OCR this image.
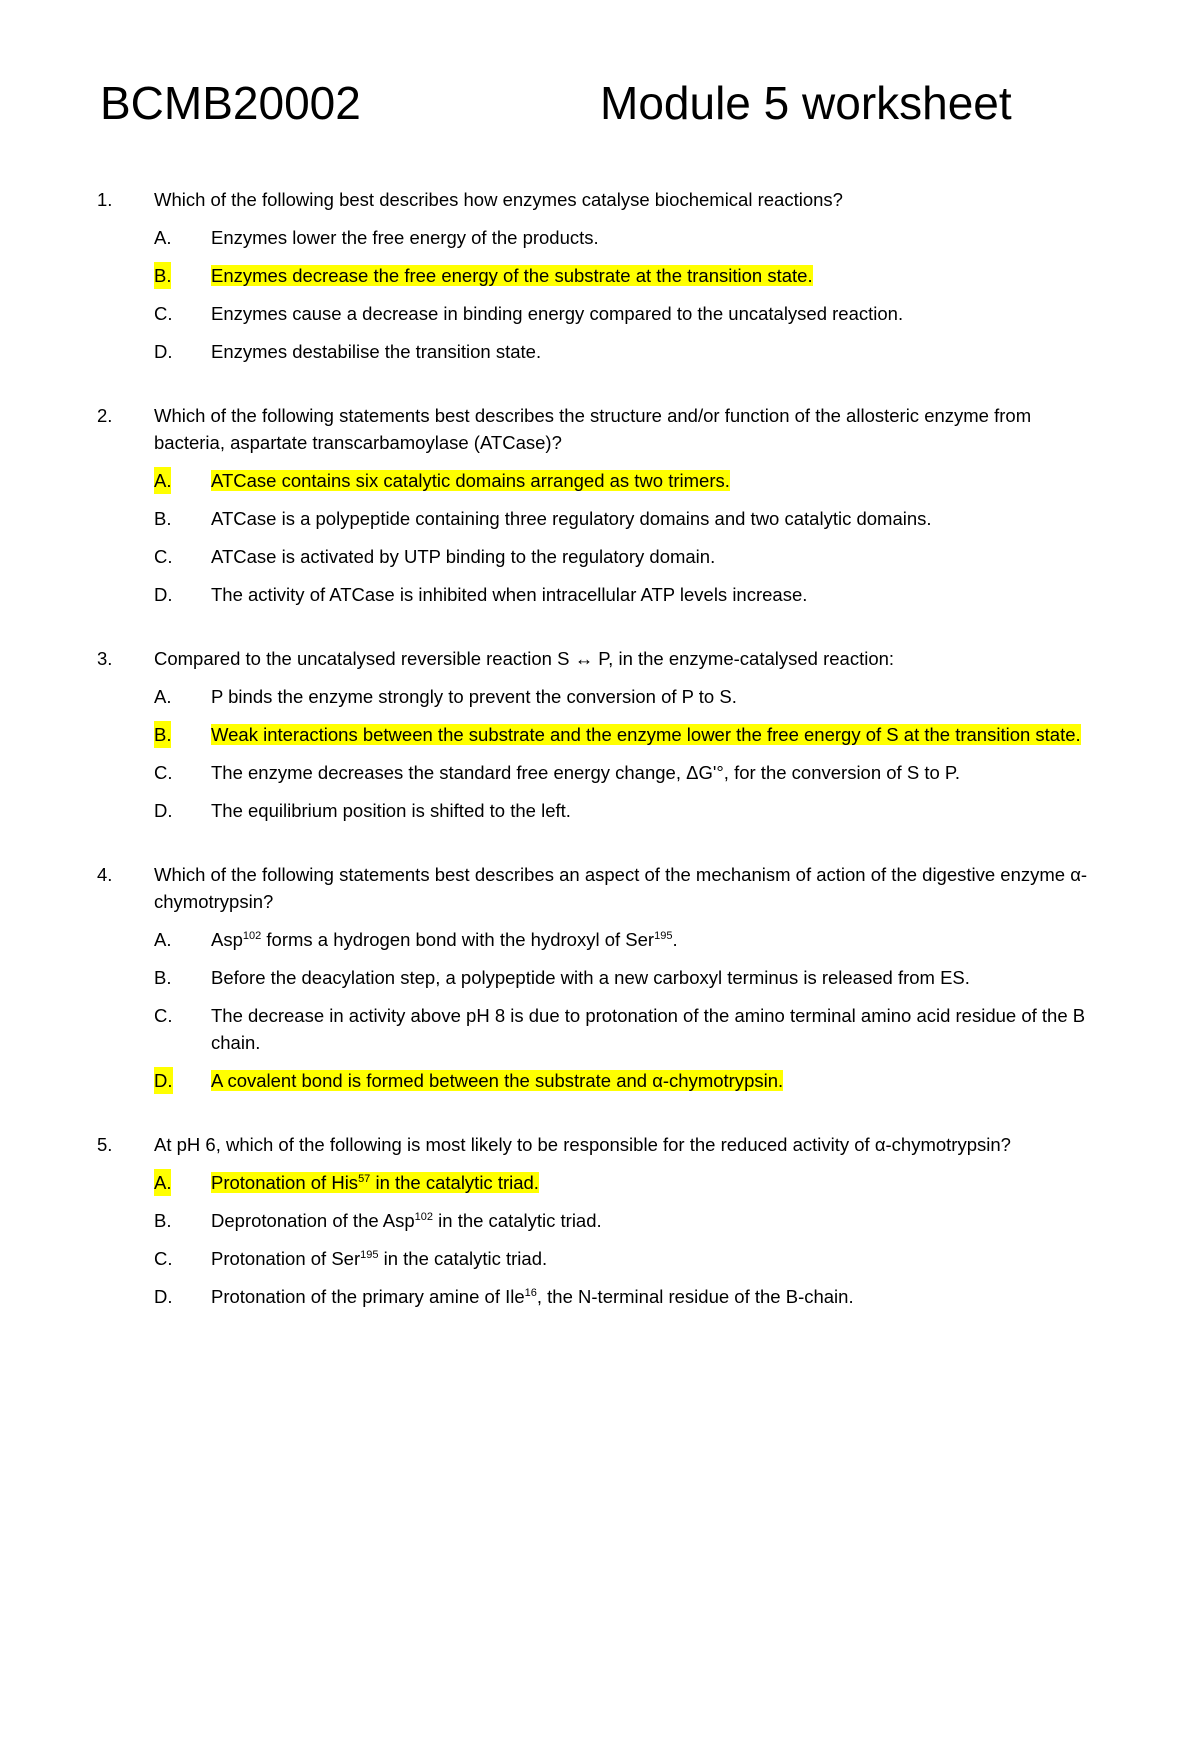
BCMB20002	Module 5 worksheet
1. Which of the following best describes how enzymes catalyse biochemical reactions?
A. Enzymes lower the free energy of the products.
B. Enzymes decrease the free energy of the substrate at the transition state.
C. Enzymes cause a decrease in binding energy compared to the uncatalysed reaction.
D. Enzymes destabilise the transition state.
2. Which of the following statements best describes the structure and/or function of the allosteric enzyme from bacteria, aspartate transcarbamoylase (ATCase)?
A. ATCase contains six catalytic domains arranged as two trimers.
B. ATCase is a polypeptide containing three regulatory domains and two catalytic domains.
C. ATCase is activated by UTP binding to the regulatory domain.
D. The activity of ATCase is inhibited when intracellular ATP levels increase.
3. Compared to the uncatalysed reversible reaction S ↔ P, in the enzyme-catalysed reaction:
A. P binds the enzyme strongly to prevent the conversion of P to S.
B. Weak interactions between the substrate and the enzyme lower the free energy of S at the transition state.
C. The enzyme decreases the standard free energy change, ΔG'°, for the conversion of S to P.
D. The equilibrium position is shifted to the left.
4. Which of the following statements best describes an aspect of the mechanism of action of the digestive enzyme α-chymotrypsin?
A. Asp$^{102}$ forms a hydrogen bond with the hydroxyl of Ser$^{195}$.
B. Before the deacylation step, a polypeptide with a new carboxyl terminus is released from ES.
C. The decrease in activity above pH 8 is due to protonation of the amino terminal amino acid residue of the B chain.
D. A covalent bond is formed between the substrate and α-chymotrypsin.
5. At pH 6, which of the following is most likely to be responsible for the reduced activity of α-chymotrypsin?
A. Protonation of His$^{57}$ in the catalytic triad.
B. Deprotonation of the Asp$^{102}$ in the catalytic triad.
C. Protonation of Ser$^{195}$ in the catalytic triad.
D. Protonation of the primary amine of Ile$^{16}$, the N-terminal residue of the B-chain.
